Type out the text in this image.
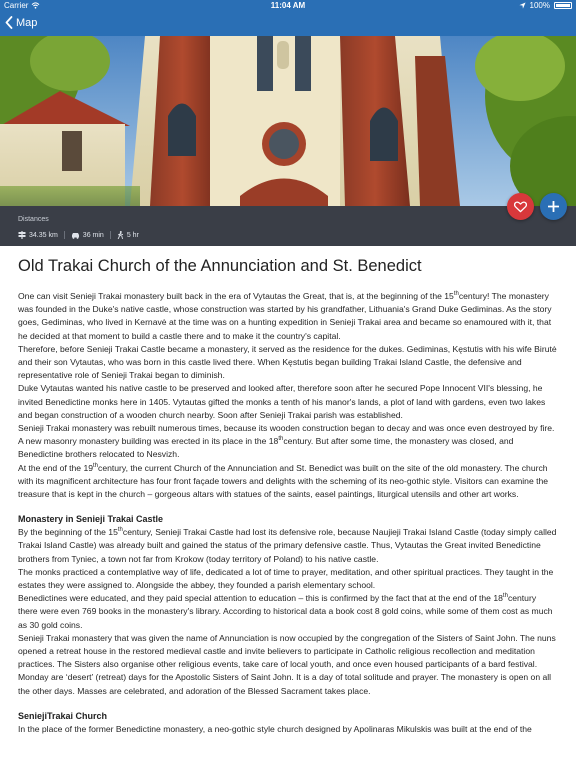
Carrier	11:04 AM	100%
Map
Distances
34.35 km	36 min	5 hr
Old Trakai Church of the Annunciation and St. Benedict

One can visit Senieji Trakai monastery built back in the era of Vytautas the Great, that is, at the beginning of the 15thcentury! The monastery was founded in the Duke's native castle, whose construction was started by his grandfather, Lithuania's Grand Duke Gediminas. As the story goes, Gediminas, who lived in Kernavė at the time was on a hunting expedition in Senieji Trakai area and became so enamoured with it, that he decided at that moment to build a castle there and to make it the country's capital.

Therefore, before Senieji Trakai Castle became a monastery, it served as the residence for the dukes. Gediminas, Kęstutis with his wife Birutė and their son Vytautas, who was born in this castle lived there. When Kęstutis began building Trakai Island Castle, the defensive and representative role of Senieji Trakai began to diminish.

Duke Vytautas wanted his native castle to be preserved and looked after, therefore soon after he secured Pope Innocent VII's blessing, he invited Benedictine monks here in 1405. Vytautas gifted the monks a tenth of his manor's lands, a plot of land with gardens, even two lakes and began construction of a wooden church nearby. Soon after Senieji Trakai parish was established.

Senieji Trakai monastery was rebuilt numerous times, because its wooden construction began to decay and was once even destroyed by fire. A new masonry monastery building was erected in its place in the 18thcentury. But after some time, the monastery was closed, and Benedictine brothers relocated to Nesvizh.

At the end of the 19thcentury, the current Church of the Annunciation and St. Benedict was built on the site of the old monastery. The church with its magnificent architecture has four front façade towers and delights with the scheming of its neo-gothic style. Visitors can examine the treasure that is kept in the church – gorgeous altars with statues of the saints, easel paintings, liturgical utensils and other art works.

Monastery in Senieji Trakai Castle

By the beginning of the 15thcentury, Senieji Trakai Castle had lost its defensive role, because Naujieji Trakai Island Castle (today simply called Trakai Island Castle) was already built and gained the status of the primary defensive castle. Thus, Vytautas the Great invited Benedictine brothers from Tyniec, a town not far from Krokow (today territory of Poland) to his native castle.

The monks practiced a contemplative way of life, dedicated a lot of time to prayer, meditation, and other spiritual practices. They taught in the estates they were assigned to. Alongside the abbey, they founded a parish elementary school.

Benedictines were educated, and they paid special attention to education – this is confirmed by the fact that at the end of the 18thcentury there were even 769 books in the monastery's library. According to historical data a book cost 8 gold coins, while some of them cost as much as 30 gold coins.

Senieji Trakai monastery that was given the name of Annunciation is now occupied by the congregation of the Sisters of Saint John. The nuns opened a retreat house in the restored medieval castle and invite believers to participate in Catholic religious recollection and meditation practices. The Sisters also organise other religious events, take care of local youth, and once even housed participants of a bard festival.

Monday are ‘desert’ (retreat) days for the Apostolic Sisters of Saint John. It is a day of total solitude and prayer. The monastery is open on all the other days. Masses are celebrated, and adoration of the Blessed Sacrament takes place.

SeniejiTrakai Church

In the place of the former Benedictine monastery, a neo-gothic style church designed by Apolinaras Mikulskis was built at the end of the
